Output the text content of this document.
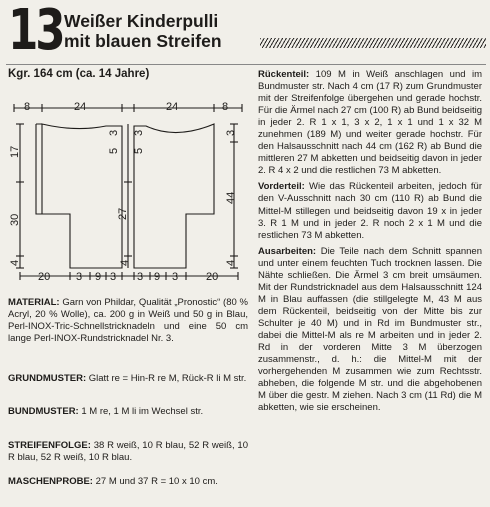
13 Weißer Kinderpulli
mit blauen Streifen
Kgr. 164 cm (ca. 14 Jahre)
8	24	24	8
17
30
4
3
5
27
4
3
5
3
44
4
20 3 9 3 3 9 3	20

MATERIAL: Garn von Phildar, Qualität „Pronostic“ (80 % Acryl, 20 % Wolle), ca. 200 g in Weiß und 50 g in Blau, Perl-INOX-Tric-Schnellstricknadeln und eine 50 cm lange Perl-INOX-Rundstricknadel Nr. 3.

GRUNDMUSTER: Glatt re = Hin-R re M, Rück-R li M str.

BUNDMUSTER: 1 M re, 1 M li im Wechsel str.

STREIFENFOLGE: 38 R weiß, 10 R blau, 52 R weiß, 10 R blau, 52 R weiß, 10 R blau.

MASCHENPROBE: 27 M und 37 R = 10 x 10 cm.

Rückenteil: 109 M in Weiß anschlagen und im Bundmuster str. Nach 4 cm (17 R) zum Grundmuster mit der Streifenfolge übergehen und gerade hochstr. Für die Ärmel nach 27 cm (100 R) ab Bund beidseitig in jeder 2. R 1 x 1, 3 x 2, 1 x 1 und 1 x 32 M zunehmen (189 M) und weiter gerade hochstr. Für den Halsausschnitt nach 44 cm (162 R) ab Bund die mittleren 27 M abketten und beidseitig davon in jeder 2. R 4 x 2 und die restlichen 73 M abketten.

Vorderteil: Wie das Rückenteil arbeiten, jedoch für den V-Ausschnitt nach 30 cm (110 R) ab Bund die Mittel-M stillegen und beidseitig davon 19 x in jeder 3. R 1 M und in jeder 2. R noch 2 x 1 M und die restlichen 73 M abketten.

Ausarbeiten: Die Teile nach dem Schnitt spannen und unter einem feuchten Tuch trocknen lassen. Die Nähte schließen. Die Ärmel 3 cm breit umsäumen. Mit der Rundstricknadel aus dem Halsausschnitt 124 M in Blau auffassen (die stillgelegte M, 43 M aus dem Rückenteil, beidseitig von der Mitte bis zur Schulter je 40 M) und in Rd im Bundmuster str., dabei die Mittel-M als re M arbeiten und in jeder 2. Rd in der vorderen Mitte 3 M überzogen zusammenstr., d. h.: die Mittel-M mit der vorhergehenden M zusammen wie zum Rechtsstr. abheben, die folgende M str. und die abgehobenen M über die gestr. M ziehen. Nach 3 cm (11 Rd) die M abketten, wie sie erscheinen.
